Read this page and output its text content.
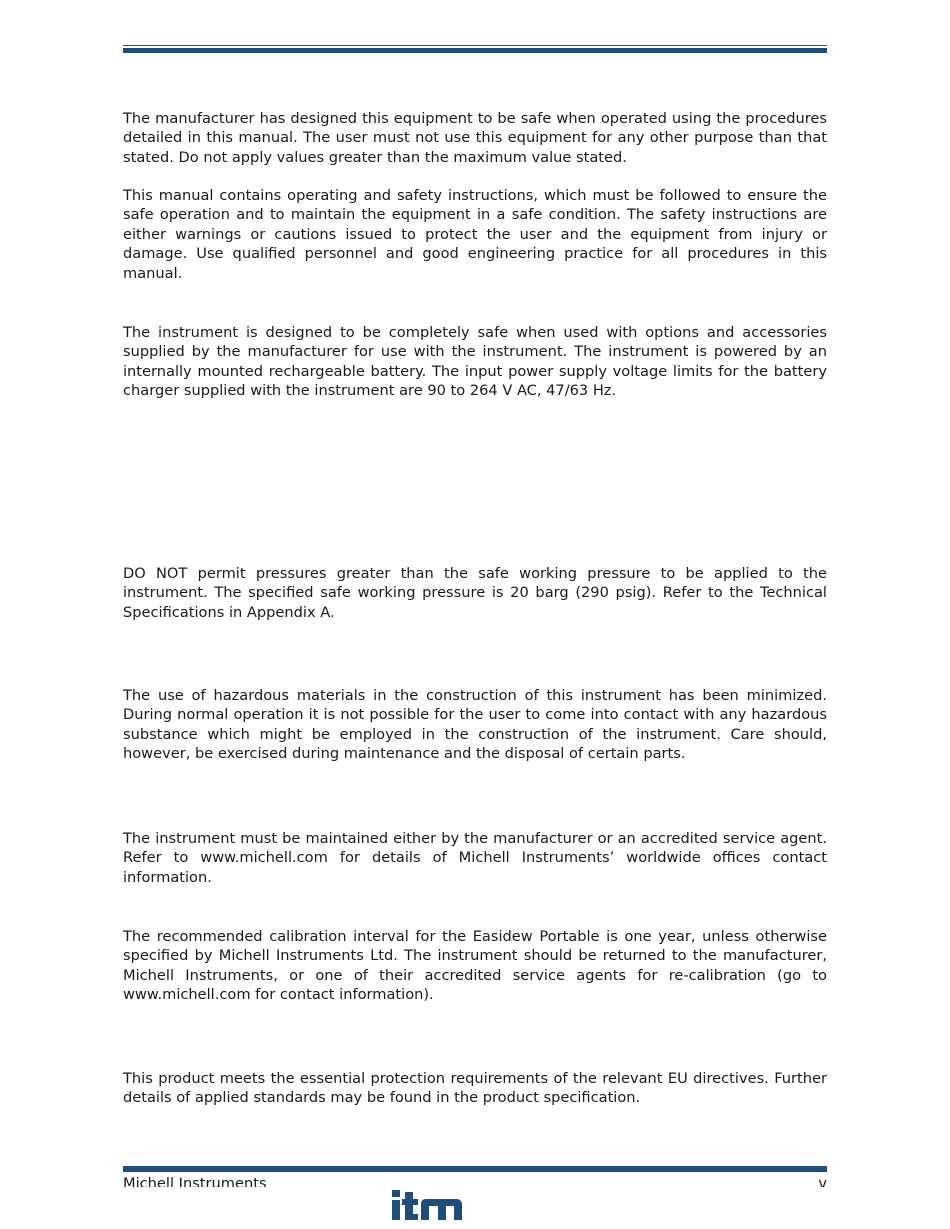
The manufacturer has designed this equipment to be safe when operated using the procedures detailed in this manual. The user must not use this equipment for any other purpose than that stated. Do not apply values greater than the maximum value stated.

This manual contains operating and safety instructions, which must be followed to ensure the safe operation and to maintain the equipment in a safe condition. The safety instructions are either warnings or cautions issued to protect the user and the equipment from injury or damage. Use qualified personnel and good engineering practice for all procedures in this manual.

The instrument is designed to be completely safe when used with options and accessories supplied by the manufacturer for use with the instrument. The instrument is powered by an internally mounted rechargeable battery. The input power supply voltage limits for the battery charger supplied with the instrument are 90 to 264 V AC, 47/63 Hz.

DO NOT permit pressures greater than the safe working pressure to be applied to the instrument. The specified safe working pressure is 20 barg (290 psig). Refer to the Technical Specifications in Appendix A.

The use of hazardous materials in the construction of this instrument has been minimized. During normal operation it is not possible for the user to come into contact with any hazardous substance which might be employed in the construction of the instrument. Care should, however, be exercised during maintenance and the disposal of certain parts.

The instrument must be maintained either by the manufacturer or an accredited service agent. Refer to www.michell.com for details of Michell Instruments’ worldwide offices contact information.

The recommended calibration interval for the Easidew Portable is one year, unless otherwise specified by Michell Instruments Ltd. The instrument should be returned to the manufacturer, Michell Instruments, or one of their accredited service agents for re-calibration (go to www.michell.com for contact information).

This product meets the essential protection requirements of the relevant EU directives. Further details of applied standards may be found in the product specification.

Michell Instruments	v
